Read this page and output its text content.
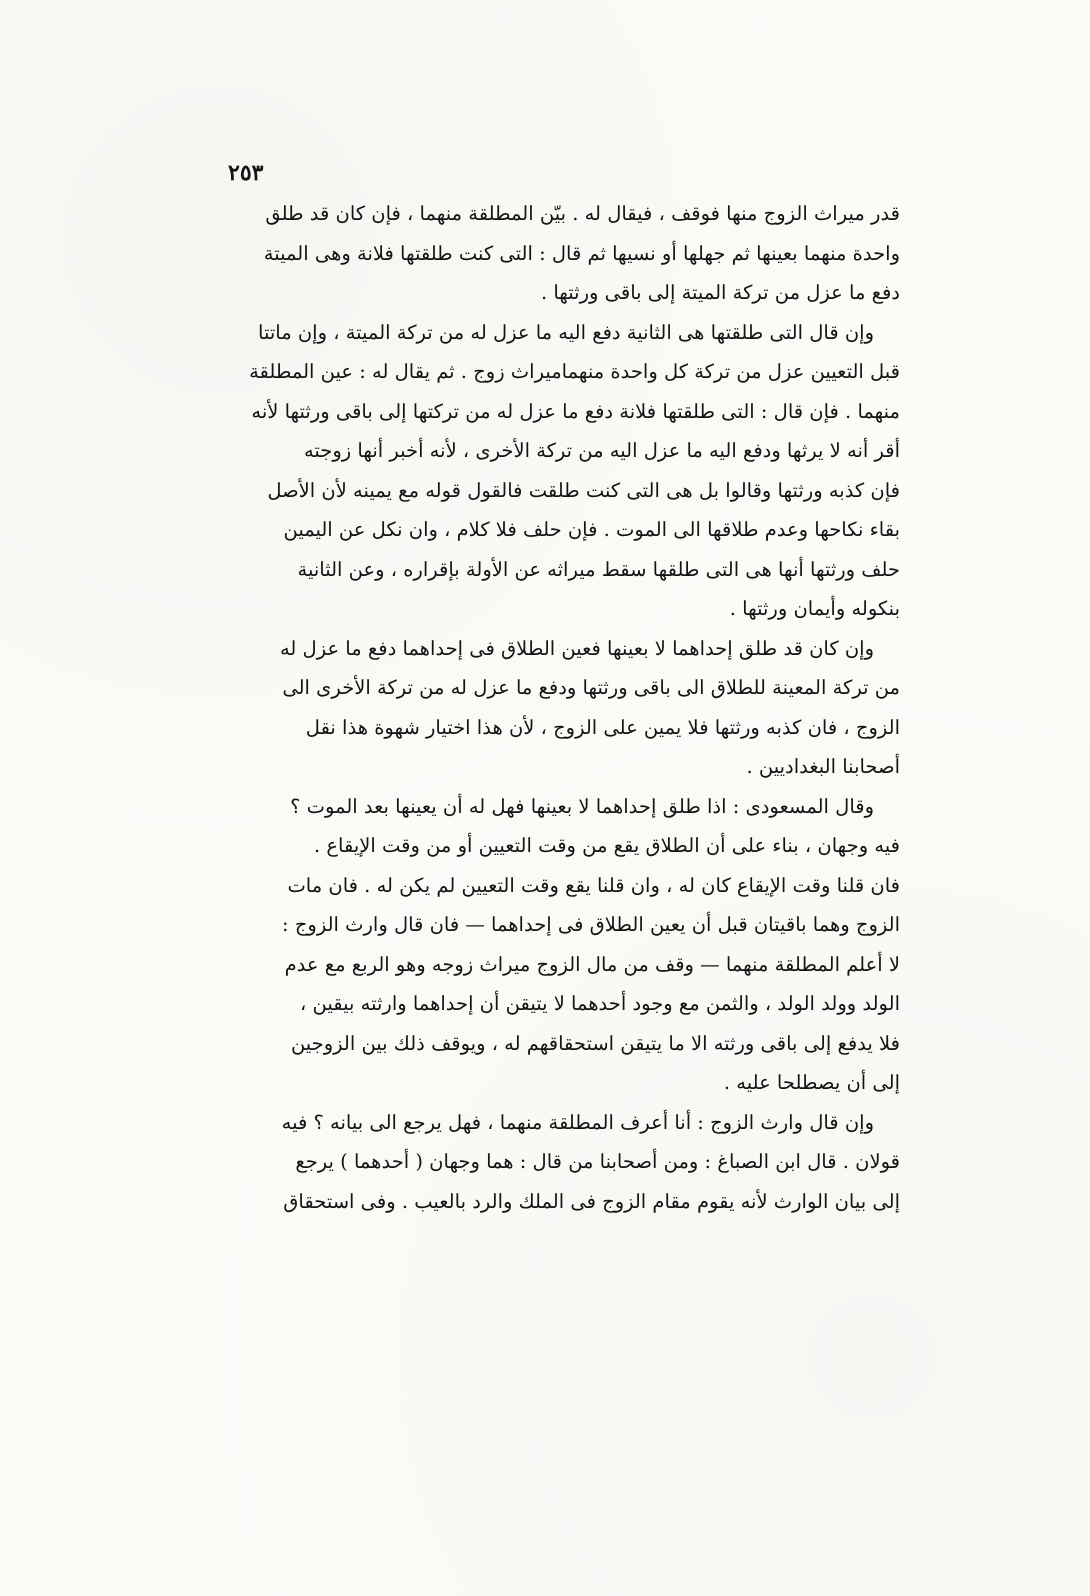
٢٥٣
قدر ميراث الزوج منها فوقف ، فيقال له . بيّن المطلقة منهما ، فإن كان قد طلق
واحدة منهما بعينها ثم جهلها أو نسيها ثم قال : التى كنت طلقتها فلانة وهى الميتة
دفع ما عزل من تركة الميتة إلى باقى ورثتها .
وإن قال التى طلقتها هى الثانية دفع اليه ما عزل له من تركة الميتة ، وإن ماتتا
قبل التعيين عزل من تركة كل واحدة منهماميراث زوج . ثم يقال له : عين المطلقة
منهما . فإن قال : التى طلقتها فلانة دفع ما عزل له من تركتها إلى باقى ورثتها لأنه
أقر أنه لا يرثها ودفع اليه ما عزل اليه من تركة الأخرى ، لأنه أخبر أنها زوجته
فإن كذبه ورثتها وقالوا بل هى التى كنت طلقت فالقول قوله مع يمينه لأن الأصل
بقاء نكاحها وعدم طلاقها الى الموت . فإن حلف فلا كلام ، وان نكل عن اليمين
حلف ورثتها أنها هى التى طلقها سقط ميراثه عن الأولة بإقراره ، وعن الثانية
بنكوله وأيمان ورثتها .
وإن كان قد طلق إحداهما لا بعينها فعين الطلاق فى إحداهما دفع ما عزل له
من تركة المعينة للطلاق الى باقى ورثتها ودفع ما عزل له من تركة الأخرى الى
الزوج ، فان كذبه ورثتها فلا يمين على الزوج ، لأن هذا اختيار شهوة هذا نقل
أصحابنا البغداديين .
وقال المسعودى : اذا طلق إحداهما لا بعينها فهل له أن يعينها بعد الموت ؟
فيه وجهان ، بناء على أن الطلاق يقع من وقت التعيين أو من وقت الإيقاع .
فان قلنا وقت الإيقاع كان له ، وان قلنا يقع وقت التعيين لم يكن له . فان مات
الزوج وهما باقيتان قبل أن يعين الطلاق فى إحداهما — فان قال وارث الزوج :
لا أعلم المطلقة منهما — وقف من مال الزوج ميراث زوجه وهو الربع مع عدم
الولد وولد الولد ، والثمن مع وجود أحدهما لا يتيقن أن إحداهما وارثته بيقين ،
فلا يدفع إلى باقى ورثته الا ما يتيقن استحقاقهم له ، ويوقف ذلك بين الزوجين
إلى أن يصطلحا عليه .
وإن قال وارث الزوج : أنا أعرف المطلقة منهما ، فهل يرجع الى بيانه ؟ فيه
قولان . قال ابن الصباغ : ومن أصحابنا من قال : هما وجهان ( أحدهما ) يرجع
إلى بيان الوارث لأنه يقوم مقام الزوج فى الملك والرد بالعيب . وفى استحقاق
